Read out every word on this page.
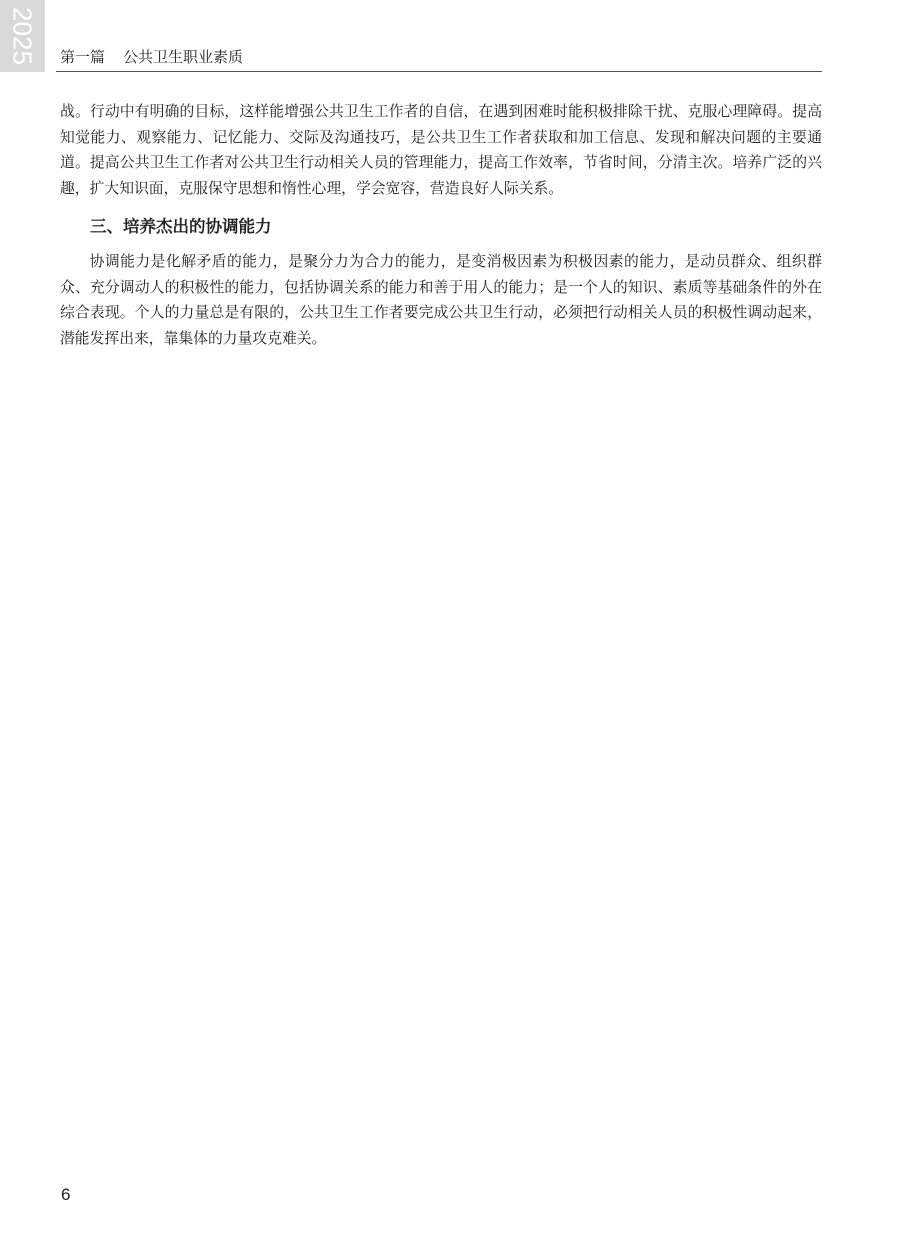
2025 第一篇 公共卫生职业素质

战。行动中有明确的目标，这样能增强公共卫生工作者的自信，在遇到困难时能积极排除干扰、克服心理障碍。提高知觉能力、观察能力、记忆能力、交际及沟通技巧，是公共卫生工作者获取和加工信息、发现和解决问题的主要通道。提高公共卫生工作者对公共卫生行动相关人员的管理能力，提高工作效率，节省时间，分清主次。培养广泛的兴趣，扩大知识面，克服保守思想和惰性心理，学会宽容，营造良好人际关系。

三、培养杰出的协调能力

协调能力是化解矛盾的能力，是聚分力为合力的能力，是变消极因素为积极因素的能力，是动员群众、组织群众、充分调动人的积极性的能力，包括协调关系的能力和善于用人的能力；是一个人的知识、素质等基础条件的外在综合表现。个人的力量总是有限的，公共卫生工作者要完成公共卫生行动，必须把行动相关人员的积极性调动起来，潜能发挥出来，靠集体的力量攻克难关。

6
